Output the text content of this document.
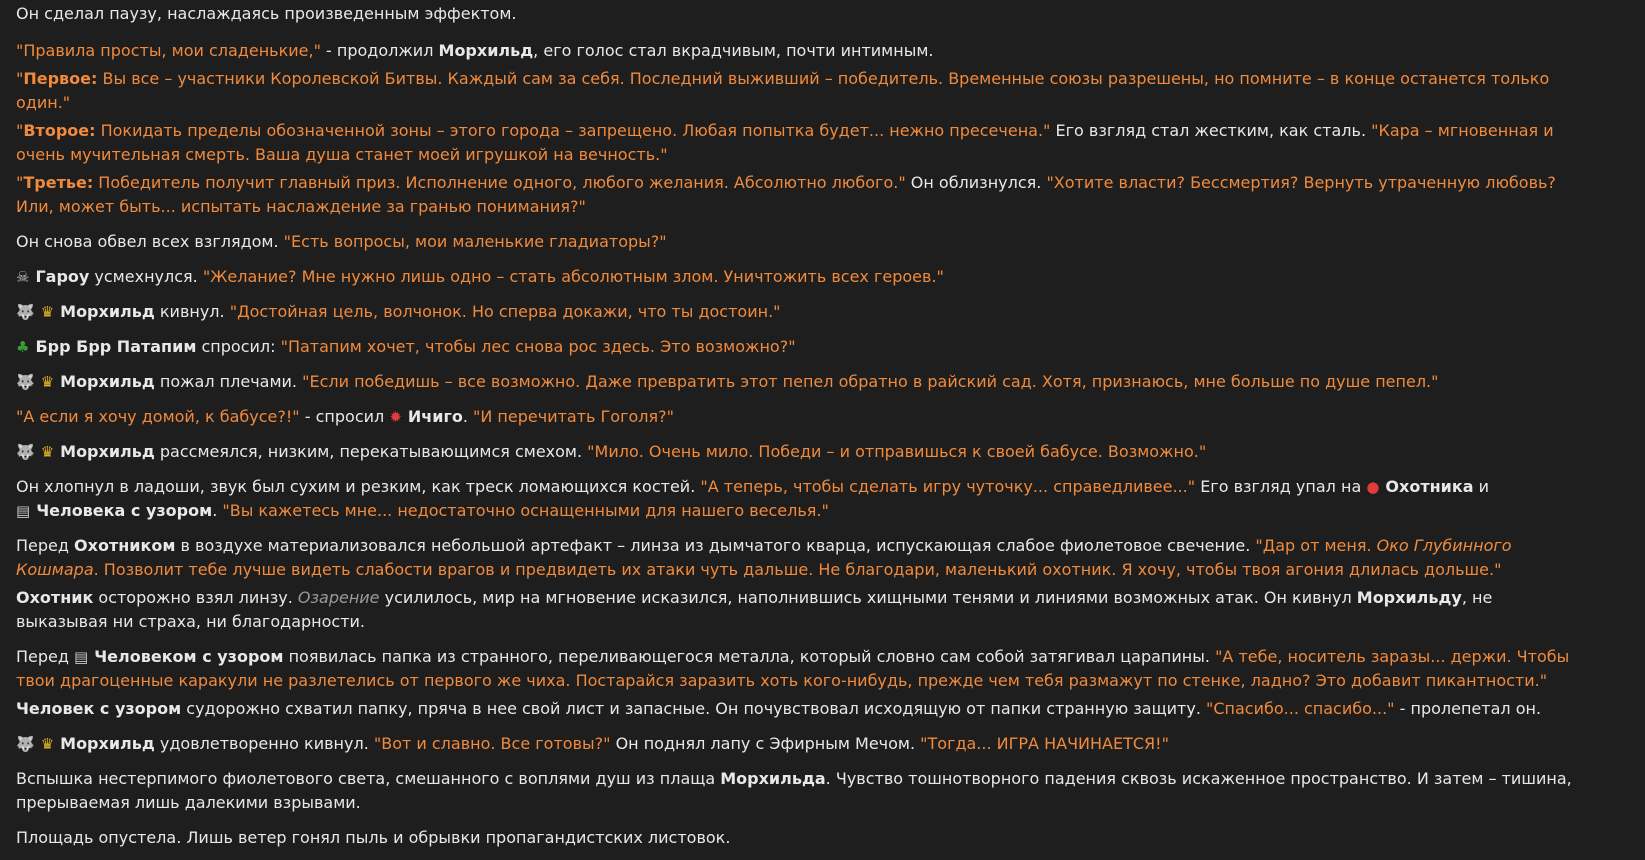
Он сделал паузу, наслаждаясь произведенным эффектом.

"Правила просты, мои сладенькие," - продолжил Морхильд, его голос стал вкрадчивым, почти интимным.

"Первое: Вы все – участники Королевской Битвы. Каждый сам за себя. Последний выживший – победитель. Временные союзы разрешены, но помните – в конце останется только один."

"Второе: Покидать пределы обозначенной зоны – этого города – запрещено. Любая попытка будет... нежно пресечена." Его взгляд стал жестким, как сталь. "Кара – мгновенная и очень мучительная смерть. Ваша душа станет моей игрушкой на вечность."

"Третье: Победитель получит главный приз. Исполнение одного, любого желания. Абсолютно любого." Он облизнулся. "Хотите власти? Бессмертия? Вернуть утраченную любовь? Или, может быть... испытать наслаждение за гранью понимания?"

Он снова обвел всех взглядом. "Есть вопросы, мои маленькие гладиаторы?"

☠ Гароу усмехнулся. "Желание? Мне нужно лишь одно – стать абсолютным злом. Уничтожить всех героев."

🐺 ♛ Морхильд кивнул. "Достойная цель, волчонок. Но сперва докажи, что ты достоин."

♣ Брр Брр Патапим спросил: "Патапим хочет, чтобы лес снова рос здесь. Это возможно?"

🐺 ♛ Морхильд пожал плечами. "Если победишь – все возможно. Даже превратить этот пепел обратно в райский сад. Хотя, признаюсь, мне больше по душе пепел."

"А если я хочу домой, к бабусе?!" - спросил ✹ Ичиго. "И перечитать Гоголя?"

🐺 ♛ Морхильд рассмеялся, низким, перекатывающимся смехом. "Мило. Очень мило. Победи – и отправишься к своей бабусе. Возможно."

Он хлопнул в ладоши, звук был сухим и резким, как треск ломающихся костей. "А теперь, чтобы сделать игру чуточку... справедливее..." Его взгляд упал на ● Охотника и ▤ Человека с узором. "Вы кажетесь мне... недостаточно оснащенными для нашего веселья."

Перед Охотником в воздухе материализовался небольшой артефакт – линза из дымчатого кварца, испускающая слабое фиолетовое свечение. "Дар от меня. Око Глубинного Кошмара. Позволит тебе лучше видеть слабости врагов и предвидеть их атаки чуть дальше. Не благодари, маленький охотник. Я хочу, чтобы твоя агония длилась дольше."

Охотник осторожно взял линзу. Озарение усилилось, мир на мгновение исказился, наполнившись хищными тенями и линиями возможных атак. Он кивнул Морхильду, не выказывая ни страха, ни благодарности.

Перед ▤ Человеком с узором появилась папка из странного, переливающегося металла, который словно сам собой затягивал царапины. "А тебе, носитель заразы... держи. Чтобы твои драгоценные каракули не разлетелись от первого же чиха. Постарайся заразить хоть кого-нибудь, прежде чем тебя размажут по стенке, ладно? Это добавит пикантности."

Человек с узором судорожно схватил папку, пряча в нее свой лист и запасные. Он почувствовал исходящую от папки странную защиту. "Спасибо... спасибо..." - пролепетал он.

🐺 ♛ Морхильд удовлетворенно кивнул. "Вот и славно. Все готовы?" Он поднял лапу с Эфирным Мечом. "Тогда... ИГРА НАЧИНАЕТСЯ!"

Вспышка нестерпимого фиолетового света, смешанного с воплями душ из плаща Морхильда. Чувство тошнотворного падения сквозь искаженное пространство. И затем – тишина, прерываемая лишь далекими взрывами.

Площадь опустела. Лишь ветер гонял пыль и обрывки пропагандистских листовок.
